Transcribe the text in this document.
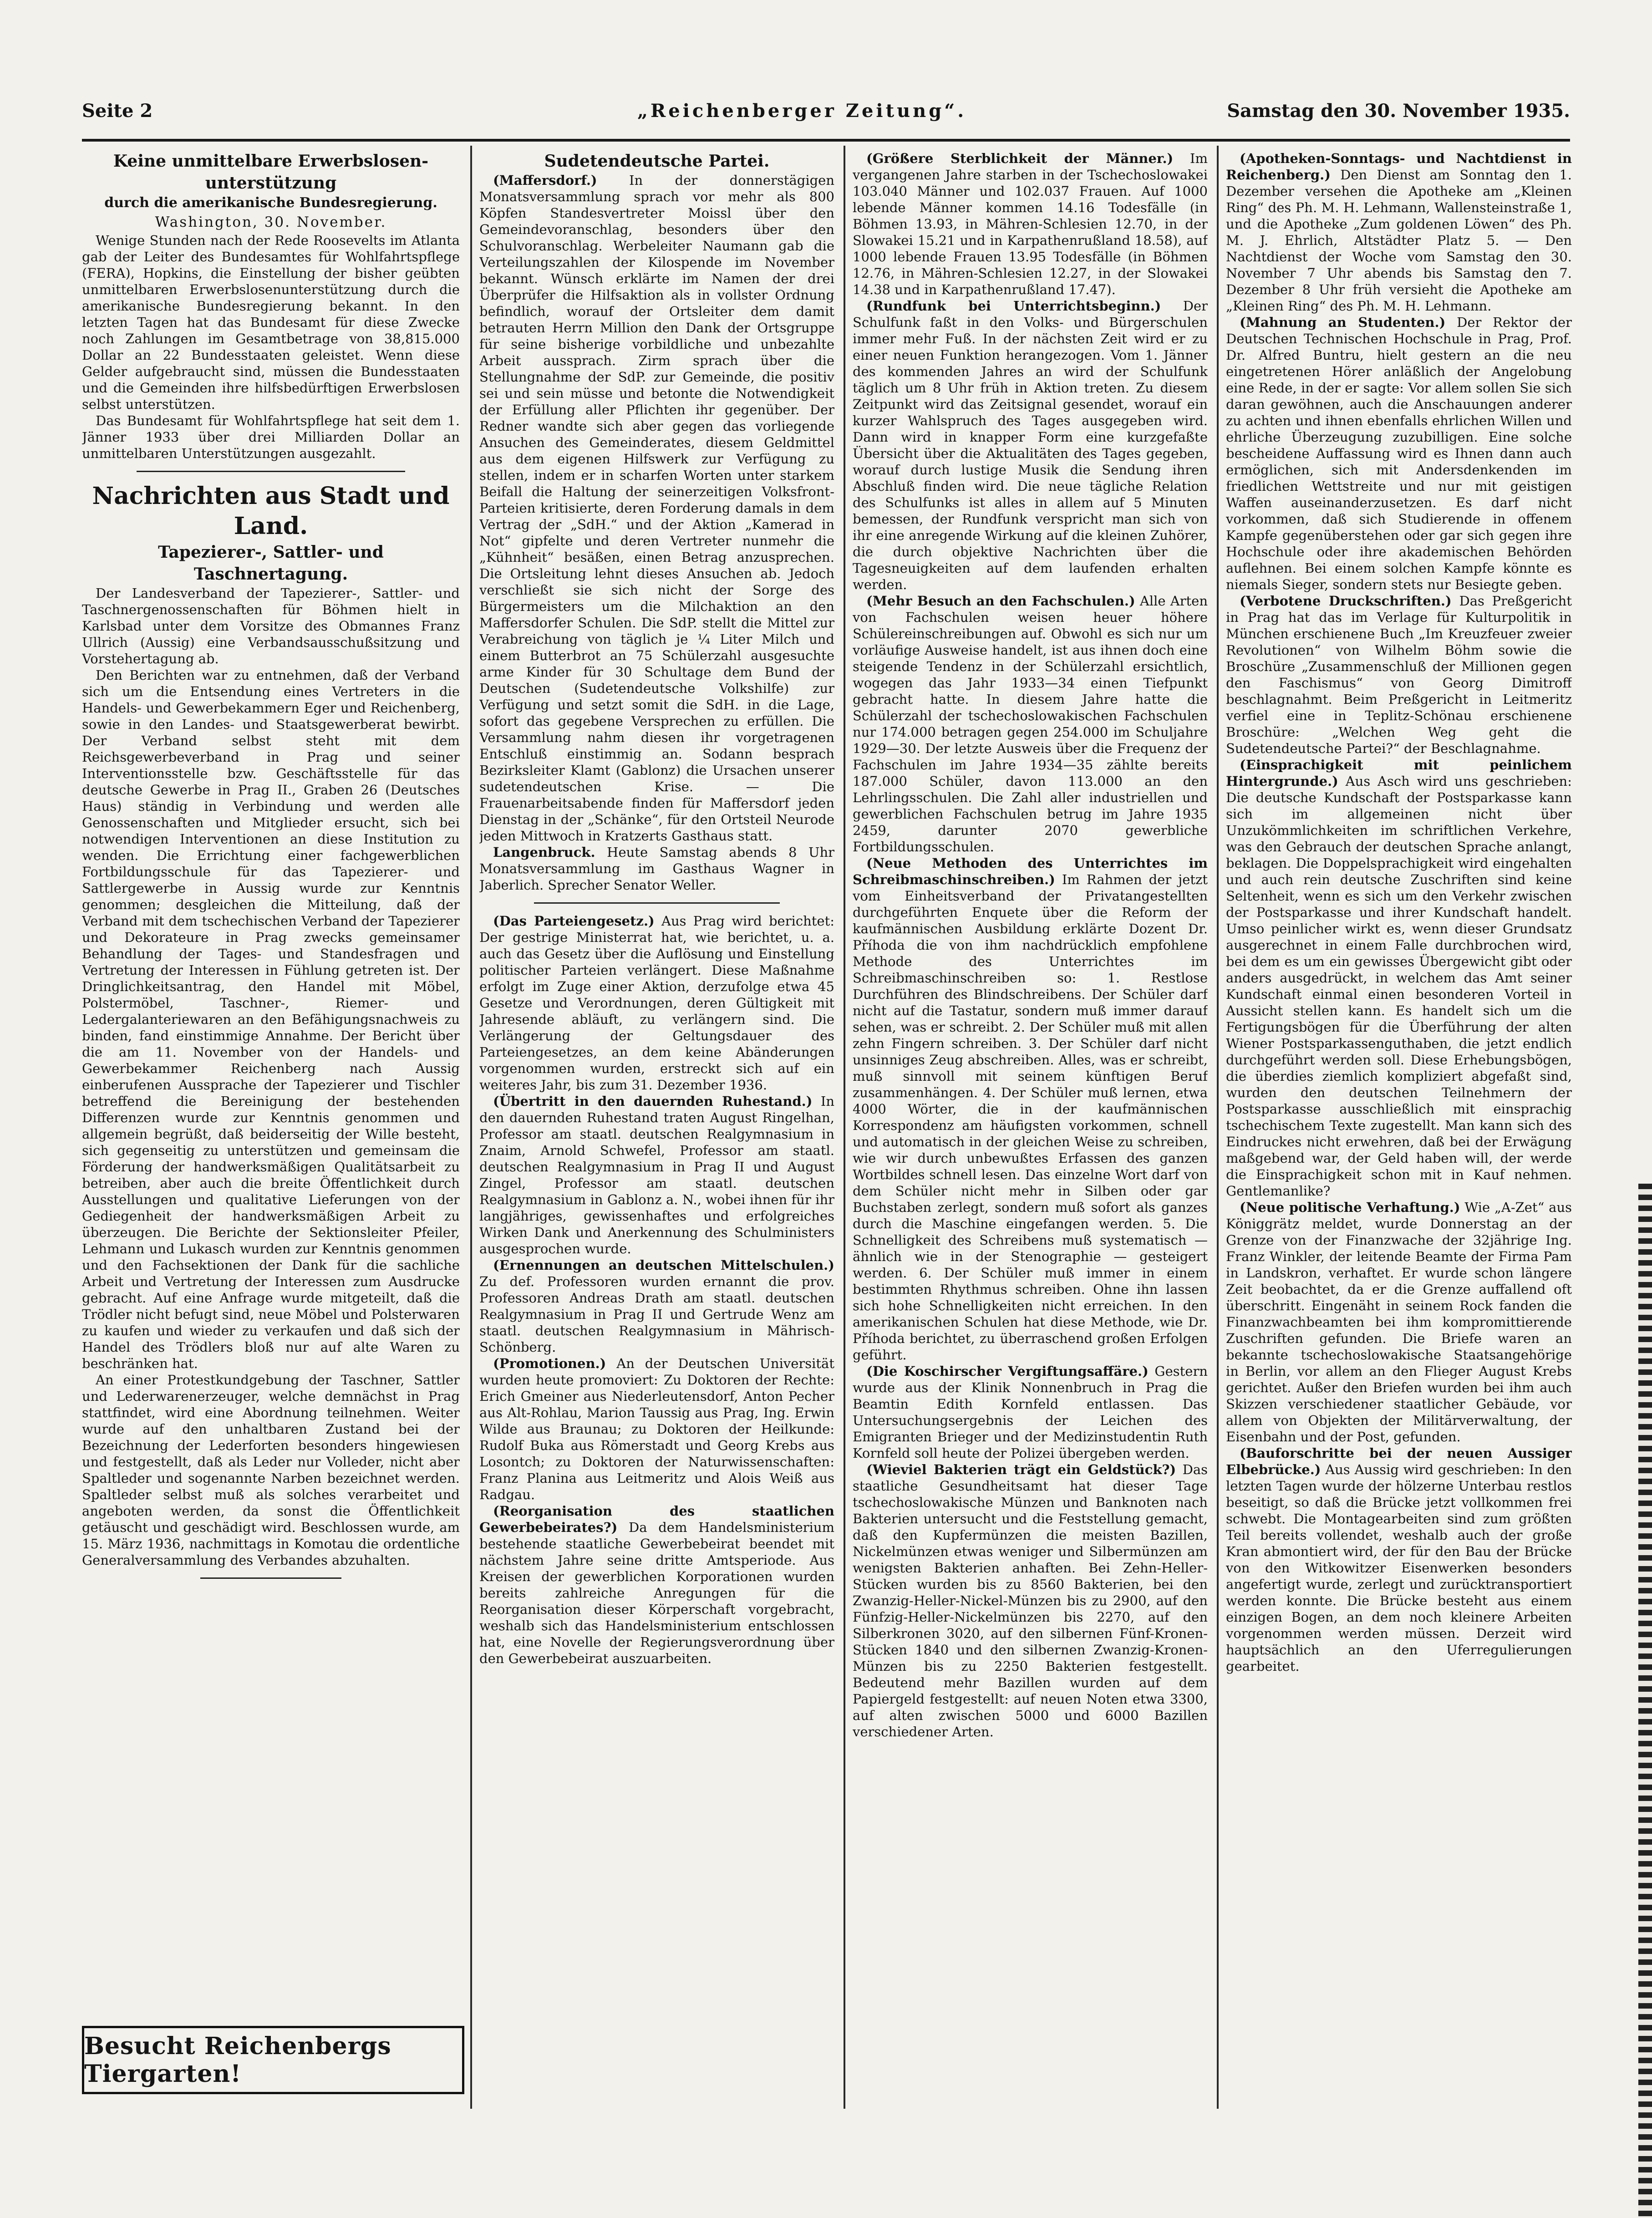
Seite 2	„Reichenberger Zeitung“.	Samstag den 30. November 1935.
Keine unmittelbare Erwerbslosen-unterstützung
durch die amerikanische Bundesregierung.
Washington, 30. November.

Wenige Stunden nach der Rede Roosevelts im Atlanta gab der Leiter des Bundesamtes für Wohlfahrtspflege (FERA), Hopkins, die Einstellung der bisher geübten unmittelbaren Erwerbslosenunterstützung durch die amerikanische Bundesregierung bekannt. In den letzten Tagen hat das Bundesamt für diese Zwecke noch Zahlungen im Gesamtbetrage von 38,815.000 Dollar an 22 Bundesstaaten geleistet. Wenn diese Gelder aufgebraucht sind, müssen die Bundesstaaten und die Gemeinden ihre hilfsbedürftigen Erwerbslosen selbst unterstützen.

Das Bundesamt für Wohlfahrtspflege hat seit dem 1. Jänner 1933 über drei Milliarden Dollar an unmittelbaren Unterstützungen ausgezahlt.

Nachrichten aus Stadt und Land.
Tapezierer-, Sattler- und Taschnertagung.

Der Landesverband der Tapezierer-, Sattler- und Taschnergenossenschaften für Böhmen hielt in Karlsbad unter dem Vorsitze des Obmannes Franz Ullrich (Aussig) eine Verbandsausschußsitzung und Vorstehertagung ab.

Den Berichten war zu entnehmen, daß der Verband sich um die Entsendung eines Vertreters in die Handels- und Gewerbekammern Eger und Reichenberg, sowie in den Landes- und Staatsgewerberat bewirbt. Der Verband selbst steht mit dem Reichsgewerbeverband in Prag und seiner Interventionsstelle bzw. Geschäftsstelle für das deutsche Gewerbe in Prag II., Graben 26 (Deutsches Haus) ständig in Verbindung und werden alle Genossenschaften und Mitglieder ersucht, sich bei notwendigen Interventionen an diese Institution zu wenden. Die Errichtung einer fachgewerblichen Fortbildungsschule für das Tapezierer- und Sattlergewerbe in Aussig wurde zur Kenntnis genommen; desgleichen die Mitteilung, daß der Verband mit dem tschechischen Verband der Tapezierer und Dekorateure in Prag zwecks gemeinsamer Behandlung der Tages- und Standesfragen und Vertretung der Interessen in Fühlung getreten ist. Der Dringlichkeitsantrag, den Handel mit Möbel, Polstermöbel, Taschner-, Riemer- und Ledergalanteriewaren an den Befähigungsnachweis zu binden, fand einstimmige Annahme. Der Bericht über die am 11. November von der Handels- und Gewerbekammer Reichenberg nach Aussig einberufenen Aussprache der Tapezierer und Tischler betreffend die Bereinigung der bestehenden Differenzen wurde zur Kenntnis genommen und allgemein begrüßt, daß beiderseitig der Wille besteht, sich gegenseitig zu unterstützen und gemeinsam die Förderung der handwerksmäßigen Qualitätsarbeit zu betreiben, aber auch die breite Öffentlichkeit durch Ausstellungen und qualitative Lieferungen von der Gediegenheit der handwerksmäßigen Arbeit zu überzeugen. Die Berichte der Sektionsleiter Pfeiler, Lehmann und Lukasch wurden zur Kenntnis genommen und den Fachsektionen der Dank für die sachliche Arbeit und Vertretung der Interessen zum Ausdrucke gebracht. Auf eine Anfrage wurde mitgeteilt, daß die Trödler nicht befugt sind, neue Möbel und Polsterwaren zu kaufen und wieder zu verkaufen und daß sich der Handel des Trödlers bloß nur auf alte Waren zu beschränken hat.

An einer Protestkundgebung der Taschner, Sattler und Lederwarenerzeuger, welche demnächst in Prag stattfindet, wird eine Abordnung teilnehmen. Weiter wurde auf den unhaltbaren Zustand bei der Bezeichnung der Lederforten besonders hingewiesen und festgestellt, daß als Leder nur Volleder, nicht aber Spaltleder und sogenannte Narben bezeichnet werden. Spaltleder selbst muß als solches verarbeitet und angeboten werden, da sonst die Öffentlichkeit getäuscht und geschädigt wird. Beschlossen wurde, am 15. März 1936, nachmittags in Komotau die ordentliche Generalversammlung des Verbandes abzuhalten.

Besucht Reichenbergs Tiergarten!
Sudetendeutsche Partei.

(Maffersdorf.) In der donnerstägigen Monatsversammlung sprach vor mehr als 800 Köpfen Standesvertreter Moissl über den Gemeindevoranschlag, besonders über den Schulvoranschlag. Werbeleiter Naumann gab die Verteilungszahlen der Kilospende im November bekannt. Wünsch erklärte im Namen der drei Überprüfer die Hilfsaktion als in vollster Ordnung befindlich, worauf der Ortsleiter dem damit betrauten Herrn Million den Dank der Ortsgruppe für seine bisherige vorbildliche und unbezahlte Arbeit aussprach. Zirm sprach über die Stellungnahme der SdP. zur Gemeinde, die positiv sei und sein müsse und betonte die Notwendigkeit der Erfüllung aller Pflichten ihr gegenüber. Der Redner wandte sich aber gegen das vorliegende Ansuchen des Gemeinderates, diesem Geldmittel aus dem eigenen Hilfswerk zur Verfügung zu stellen, indem er in scharfen Worten unter starkem Beifall die Haltung der seinerzeitigen Volksfront-Parteien kritisierte, deren Forderung damals in dem Vertrag der „SdH.“ und der Aktion „Kamerad in Not“ gipfelte und deren Vertreter nunmehr die „Kühnheit“ besäßen, einen Betrag anzusprechen. Die Ortsleitung lehnt dieses Ansuchen ab. Jedoch verschließt sie sich nicht der Sorge des Bürgermeisters um die Milchaktion an den Maffersdorfer Schulen. Die SdP. stellt die Mittel zur Verabreichung von täglich je ¼ Liter Milch und einem Butterbrot an 75 Schülerzahl ausgesuchte arme Kinder für 30 Schultage dem Bund der Deutschen (Sudetendeutsche Volkshilfe) zur Verfügung und setzt somit die SdH. in die Lage, sofort das gegebene Versprechen zu erfüllen. Die Versammlung nahm diesen ihr vorgetragenen Entschluß einstimmig an. Sodann besprach Bezirksleiter Klamt (Gablonz) die Ursachen unserer sudetendeutschen Krise. — Die Frauenarbeitsabende finden für Maffersdorf jeden Dienstag in der „Schänke“, für den Ortsteil Neurode jeden Mittwoch in Kratzerts Gasthaus statt.

Langenbruck. Heute Samstag abends 8 Uhr Monatsversammlung im Gasthaus Wagner in Jaberlich. Sprecher Senator Weller.

(Das Parteiengesetz.) Aus Prag wird berichtet: Der gestrige Ministerrat hat, wie berichtet, u. a. auch das Gesetz über die Auflösung und Einstellung politischer Parteien verlängert. Diese Maßnahme erfolgt im Zuge einer Aktion, derzufolge etwa 45 Gesetze und Verordnungen, deren Gültigkeit mit Jahresende abläuft, zu verlängern sind. Die Verlängerung der Geltungsdauer des Parteiengesetzes, an dem keine Abänderungen vorgenommen wurden, erstreckt sich auf ein weiteres Jahr, bis zum 31. Dezember 1936.

(Übertritt in den dauernden Ruhestand.) In den dauernden Ruhestand traten August Ringelhan, Professor am staatl. deutschen Realgymnasium in Znaim, Arnold Schwefel, Professor am staatl. deutschen Realgymnasium in Prag II und August Zingel, Professor am staatl. deutschen Realgymnasium in Gablonz a. N., wobei ihnen für ihr langjähriges, gewissenhaftes und erfolgreiches Wirken Dank und Anerkennung des Schulministers ausgesprochen wurde.

(Ernennungen an deutschen Mittelschulen.) Zu def. Professoren wurden ernannt die prov. Professoren Andreas Drath am staatl. deutschen Realgymnasium in Prag II und Gertrude Wenz am staatl. deutschen Realgymnasium in Mährisch-Schönberg.

(Promotionen.) An der Deutschen Universität wurden heute promoviert: Zu Doktoren der Rechte: Erich Gmeiner aus Niederleutensdorf, Anton Pecher aus Alt-Rohlau, Marion Taussig aus Prag, Ing. Erwin Wilde aus Braunau; zu Doktoren der Heilkunde: Rudolf Buka aus Römerstadt und Georg Krebs aus Losontch; zu Doktoren der Naturwissenschaften: Franz Planina aus Leitmeritz und Alois Weiß aus Radgau.

(Reorganisation des staatlichen Gewerbebeirates?) Da dem Handelsministerium bestehende staatliche Gewerbebeirat beendet mit nächstem Jahre seine dritte Amtsperiode. Aus Kreisen der gewerblichen Korporationen wurden bereits zahlreiche Anregungen für die Reorganisation dieser Körperschaft vorgebracht, weshalb sich das Handelsministerium entschlossen hat, eine Novelle der Regierungsverordnung über den Gewerbebeirat auszuarbeiten.

(Größere Sterblichkeit der Männer.) Im vergangenen Jahre starben in der Tschechoslowakei 103.040 Männer und 102.037 Frauen. Auf 1000 lebende Männer kommen 14.16 Todesfälle (in Böhmen 13.93, in Mähren-Schlesien 12.70, in der Slowakei 15.21 und in Karpathenrußland 18.58), auf 1000 lebende Frauen 13.95 Todesfälle (in Böhmen 12.76, in Mähren-Schlesien 12.27, in der Slowakei 14.38 und in Karpathenrußland 17.47).

(Rundfunk bei Unterrichtsbeginn.) Der Schulfunk faßt in den Volks- und Bürgerschulen immer mehr Fuß. In der nächsten Zeit wird er zu einer neuen Funktion herangezogen. Vom 1. Jänner des kommenden Jahres an wird der Schulfunk täglich um 8 Uhr früh in Aktion treten. Zu diesem Zeitpunkt wird das Zeitsignal gesendet, worauf ein kurzer Wahlspruch des Tages ausgegeben wird. Dann wird in knapper Form eine kurzgefaßte Übersicht über die Aktualitäten des Tages gegeben, worauf durch lustige Musik die Sendung ihren Abschluß finden wird. Die neue tägliche Relation des Schulfunks ist alles in allem auf 5 Minuten bemessen, der Rundfunk verspricht man sich von ihr eine anregende Wirkung auf die kleinen Zuhörer, die durch objektive Nachrichten über die Tagesneuigkeiten auf dem laufenden erhalten werden.

(Mehr Besuch an den Fachschulen.) Alle Arten von Fachschulen weisen heuer höhere Schülereinschreibungen auf. Obwohl es sich nur um vorläufige Ausweise handelt, ist aus ihnen doch eine steigende Tendenz in der Schülerzahl ersichtlich, wogegen das Jahr 1933—34 einen Tiefpunkt gebracht hatte. In diesem Jahre hatte die Schülerzahl der tschechoslowakischen Fachschulen nur 174.000 betragen gegen 254.000 im Schuljahre 1929—30. Der letzte Ausweis über die Frequenz der Fachschulen im Jahre 1934—35 zählte bereits 187.000 Schüler, davon 113.000 an den Lehrlingsschulen. Die Zahl aller industriellen und gewerblichen Fachschulen betrug im Jahre 1935 2459, darunter 2070 gewerbliche Fortbildungsschulen.

(Neue Methoden des Unterrichtes im Schreibmaschinschreiben.) Im Rahmen der jetzt vom Einheitsverband der Privatangestellten durchgeführten Enquete über die Reform der kaufmännischen Ausbildung erklärte Dozent Dr. Příhoda die von ihm nachdrücklich empfohlene Methode des Unterrichtes im Schreibmaschinschreiben so: 1. Restlose Durchführen des Blindschreibens. Der Schüler darf nicht auf die Tastatur, sondern muß immer darauf sehen, was er schreibt. 2. Der Schüler muß mit allen zehn Fingern schreiben. 3. Der Schüler darf nicht unsinniges Zeug abschreiben. Alles, was er schreibt, muß sinnvoll mit seinem künftigen Beruf zusammenhängen. 4. Der Schüler muß lernen, etwa 4000 Wörter, die in der kaufmännischen Korrespondenz am häufigsten vorkommen, schnell und automatisch in der gleichen Weise zu schreiben, wie wir durch unbewußtes Erfassen des ganzen Wortbildes schnell lesen. Das einzelne Wort darf von dem Schüler nicht mehr in Silben oder gar Buchstaben zerlegt, sondern muß sofort als ganzes durch die Maschine eingefangen werden. 5. Die Schnelligkeit des Schreibens muß systematisch — ähnlich wie in der Stenographie — gesteigert werden. 6. Der Schüler muß immer in einem bestimmten Rhythmus schreiben. Ohne ihn lassen sich hohe Schnelligkeiten nicht erreichen. In den amerikanischen Schulen hat diese Methode, wie Dr. Příhoda berichtet, zu überraschend großen Erfolgen geführt.

(Die Koschirscher Vergiftungsaffäre.) Gestern wurde aus der Klinik Nonnenbruch in Prag die Beamtin Edith Kornfeld entlassen. Das Untersuchungsergebnis der Leichen des Emigranten Brieger und der Medizinstudentin Ruth Kornfeld soll heute der Polizei übergeben werden.

(Wieviel Bakterien trägt ein Geldstück?) Das staatliche Gesundheitsamt hat dieser Tage tschechoslowakische Münzen und Banknoten nach Bakterien untersucht und die Feststellung gemacht, daß den Kupfermünzen die meisten Bazillen, Nickelmünzen etwas weniger und Silbermünzen am wenigsten Bakterien anhaften. Bei Zehn-Heller-Stücken wurden bis zu 8560 Bakterien, bei den Zwanzig-Heller-Nickel-Münzen bis zu 2900, auf den Fünfzig-Heller-Nickelmünzen bis 2270, auf den Silberkronen 3020, auf den silbernen Fünf-Kronen-Stücken 1840 und den silbernen Zwanzig-Kronen-Münzen bis zu 2250 Bakterien festgestellt. Bedeutend mehr Bazillen wurden auf dem Papiergeld festgestellt: auf neuen Noten etwa 3300, auf alten zwischen 5000 und 6000 Bazillen verschiedener Arten.

(Apotheken-Sonntags- und Nachtdienst in Reichenberg.) Den Dienst am Sonntag den 1. Dezember versehen die Apotheke am „Kleinen Ring“ des Ph. M. H. Lehmann, Wallensteinstraße 1, und die Apotheke „Zum goldenen Löwen“ des Ph. M. J. Ehrlich, Altstädter Platz 5. — Den Nachtdienst der Woche vom Samstag den 30. November 7 Uhr abends bis Samstag den 7. Dezember 8 Uhr früh versieht die Apotheke am „Kleinen Ring“ des Ph. M. H. Lehmann.

(Mahnung an Studenten.) Der Rektor der Deutschen Technischen Hochschule in Prag, Prof. Dr. Alfred Buntru, hielt gestern an die neu eingetretenen Hörer anläßlich der Angelobung eine Rede, in der er sagte: Vor allem sollen Sie sich daran gewöhnen, auch die Anschauungen anderer zu achten und ihnen ebenfalls ehrlichen Willen und ehrliche Überzeugung zuzubilligen. Eine solche bescheidene Auffassung wird es Ihnen dann auch ermöglichen, sich mit Andersdenkenden im friedlichen Wettstreite und nur mit geistigen Waffen auseinanderzusetzen. Es darf nicht vorkommen, daß sich Studierende in offenem Kampfe gegenüberstehen oder gar sich gegen ihre Hochschule oder ihre akademischen Behörden auflehnen. Bei einem solchen Kampfe könnte es niemals Sieger, sondern stets nur Besiegte geben.

(Verbotene Druckschriften.) Das Preßgericht in Prag hat das im Verlage für Kulturpolitik in München erschienene Buch „Im Kreuzfeuer zweier Revolutionen“ von Wilhelm Böhm sowie die Broschüre „Zusammenschluß der Millionen gegen den Faschismus“ von Georg Dimitroff beschlagnahmt. Beim Preßgericht in Leitmeritz verfiel eine in Teplitz-Schönau erschienene Broschüre: „Welchen Weg geht die Sudetendeutsche Partei?“ der Beschlagnahme.

(Einsprachigkeit mit peinlichem Hintergrunde.) Aus Asch wird uns geschrieben: Die deutsche Kundschaft der Postsparkasse kann sich im allgemeinen nicht über Unzukömmlichkeiten im schriftlichen Verkehre, was den Gebrauch der deutschen Sprache anlangt, beklagen. Die Doppelsprachigkeit wird eingehalten und auch rein deutsche Zuschriften sind keine Seltenheit, wenn es sich um den Verkehr zwischen der Postsparkasse und ihrer Kundschaft handelt. Umso peinlicher wirkt es, wenn dieser Grundsatz ausgerechnet in einem Falle durchbrochen wird, bei dem es um ein gewisses Übergewicht gibt oder anders ausgedrückt, in welchem das Amt seiner Kundschaft einmal einen besonderen Vorteil in Aussicht stellen kann. Es handelt sich um die Fertigungsbögen für die Überführung der alten Wiener Postsparkassenguthaben, die jetzt endlich durchgeführt werden soll. Diese Erhebungsbögen, die überdies ziemlich kompliziert abgefaßt sind, wurden den deutschen Teilnehmern der Postsparkasse ausschließlich mit einsprachig tschechischem Texte zugestellt. Man kann sich des Eindruckes nicht erwehren, daß bei der Erwägung maßgebend war, der Geld haben will, der werde die Einsprachigkeit schon mit in Kauf nehmen. Gentlemanlike?

(Neue politische Verhaftung.) Wie „A-Zet“ aus Königgrätz meldet, wurde Donnerstag an der Grenze von der Finanzwache der 32jährige Ing. Franz Winkler, der leitende Beamte der Firma Pam in Landskron, verhaftet. Er wurde schon längere Zeit beobachtet, da er die Grenze auffallend oft überschritt. Eingenäht in seinem Rock fanden die Finanzwachbeamten bei ihm kompromittierende Zuschriften gefunden. Die Briefe waren an bekannte tschechoslowakische Staatsangehörige in Berlin, vor allem an den Flieger August Krebs gerichtet. Außer den Briefen wurden bei ihm auch Skizzen verschiedener staatlicher Gebäude, vor allem von Objekten der Militärverwaltung, der Eisenbahn und der Post, gefunden.

(Bauforschritte bei der neuen Aussiger Elbebrücke.) Aus Aussig wird geschrieben: In den letzten Tagen wurde der hölzerne Unterbau restlos beseitigt, so daß die Brücke jetzt vollkommen frei schwebt. Die Montagearbeiten sind zum größten Teil bereits vollendet, weshalb auch der große Kran abmontiert wird, der für den Bau der Brücke von den Witkowitzer Eisenwerken besonders angefertigt wurde, zerlegt und zurücktransportiert werden konnte. Die Brücke besteht aus einem einzigen Bogen, an dem noch kleinere Arbeiten vorgenommen werden müssen. Derzeit wird hauptsächlich an den Uferregulierungen gearbeitet.
